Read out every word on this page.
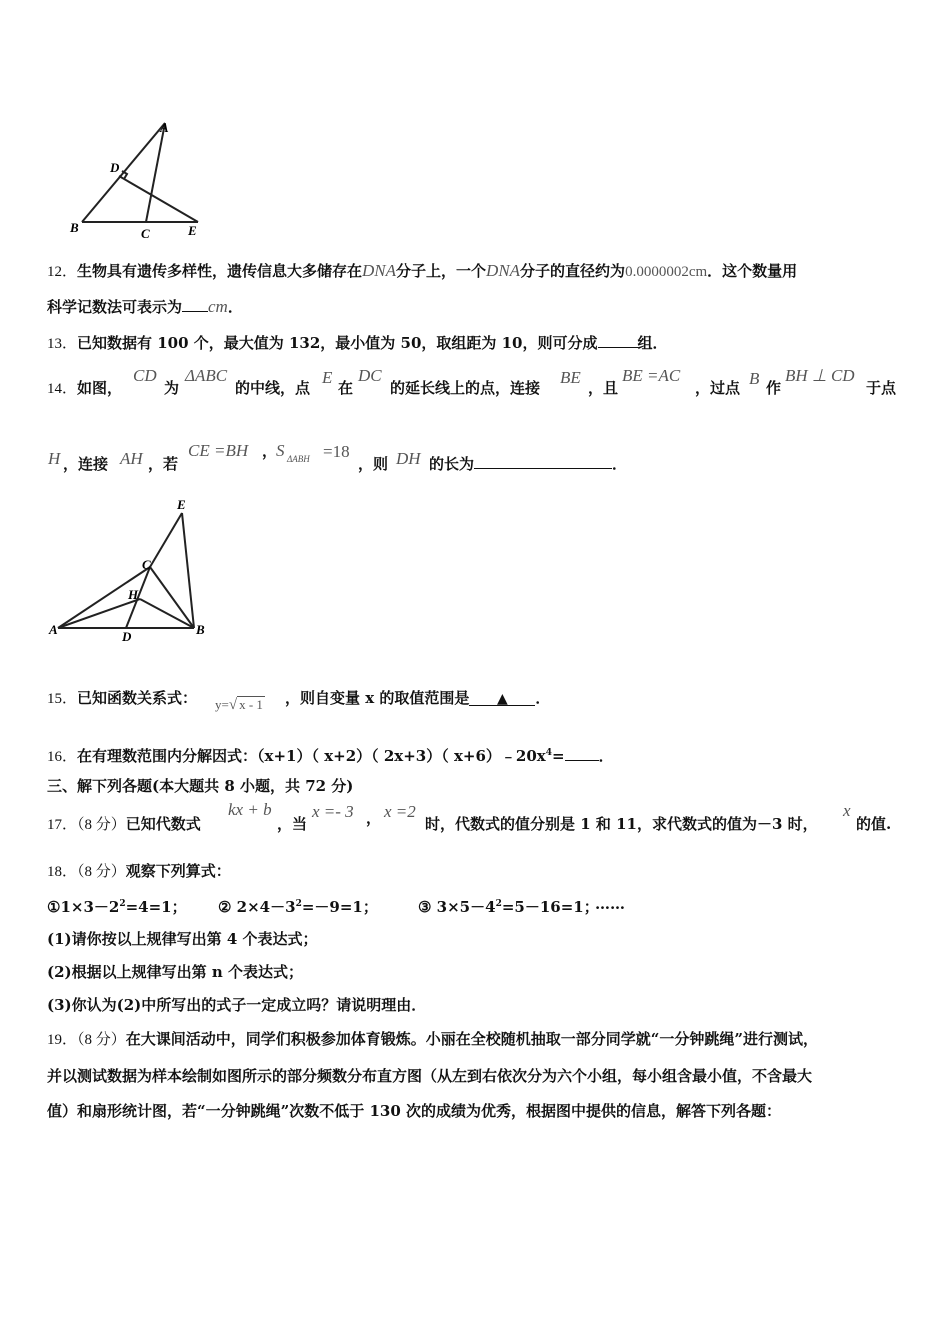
A
D
B	C	E
12．生物具有遗传多样性，遗传信息大多储存在DNA分子上，一个DNA分子的直径约为0.0000002cm．这个数量用
科学记数法可表示为 cm．
13．已知数据有 100 个，最大值为 132，最小值为 50，取组距为 10，则可分成	组．
14．如图，
CD
为
ΔABC
的中线，点
E
在
DC
的延长线上的点，连接
BE
，且
BE =AC
，过点 B 作
BH ⊥ CD
于点
H ，连接 AH ，若
CE =BH ，
S ΔABH =18
，则 DH 的长为	．
E
C
H
A	D	B
15．已知函数关系式： y=√ x - 1 ，则自变量 x 的取值范围是 ▲ ．
16．在有理数范围内分解因式：（x+1）（ x+2）（ 2x+3）（ $x+6)﹣20x^4=$ ．
三、解下列各题(本大题共 8 小题，共 72 分)
17．（8 分）已知代数式
kx + b
，当
x =- 3 ， x =2
时，代数式的值分别是 1 和 11，求代数式的值为－3 时，
x
的值.
18．（8 分）观察下列算式：
$①1\times 3-2^2=4=1$； ② $2\times 4-3^2=-9=1$；	③ $3\times 5-4^2=5-16=1$；
……
(1)请你按以上规律写出第 4 个表达式；
(2)根据以上规律写出第 n 个表达式；
(3)你认为(2)中所写出的式子一定成立吗？请说明理由．
19．（8 分）在大课间活动中，同学们积极参加体育锻炼。小丽在全校随机抽取一部分同学就“一分钟跳绳”进行测试，
并以测试数据为样本绘制如图所示的部分频数分布直方图（从左到右依次分为六个小组，每小组含最小值，不含最大
值）和扇形统计图，若“一分钟跳绳”次数不低于 130 次的成绩为优秀，根据图中提供的信息，解答下列各题：
